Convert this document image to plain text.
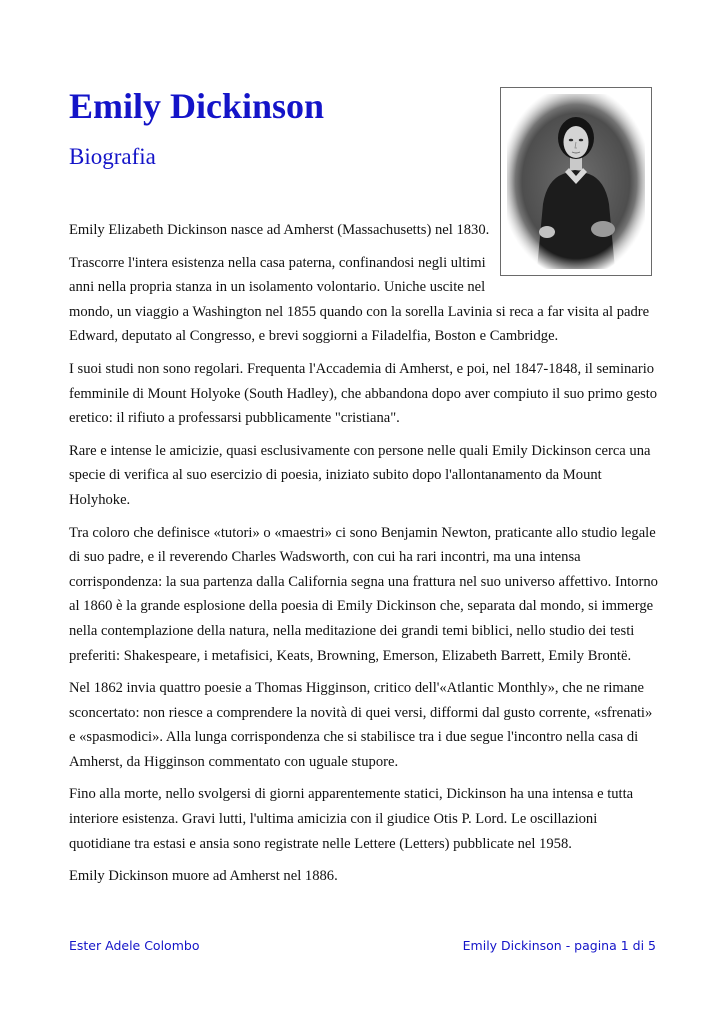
Emily Dickinson
Biografia

Emily Elizabeth Dickinson nasce ad Amherst (Massachusetts) nel 1830.

Trascorre l'intera esistenza nella casa paterna, confinandosi negli ultimi anni nella propria stanza in un isolamento volontario. Uniche uscite nel
mondo, un viaggio a Washington nel 1855 quando con la sorella Lavinia si reca a far visita al padre Edward, deputato al Congresso, e brevi soggiorni a Filadelfia, Boston e Cambridge.

I suoi studi non sono regolari. Frequenta l'Accademia di Amherst, e poi, nel 1847-1848, il seminario femminile di Mount Holyoke (South Hadley), che abbandona dopo aver compiuto il suo primo gesto eretico: il rifiuto a professarsi pubblicamente "cristiana".

Rare e intense le amicizie, quasi esclusivamente con persone nelle quali Emily Dickinson cerca una specie di verifica al suo esercizio di poesia, iniziato subito dopo l'allontanamento da Mount Holyhoke.

Tra coloro che definisce «tutori» o «maestri» ci sono Benjamin Newton, praticante allo studio legale di suo padre, e il reverendo Charles Wadsworth, con cui ha rari incontri, ma una intensa corrispondenza: la sua partenza dalla California segna una frattura nel suo universo affettivo. Intorno al 1860 è la grande esplosione della poesia di Emily Dickinson che, separata dal mondo, si immerge nella contemplazione della natura, nella meditazione dei grandi temi biblici, nello studio dei testi preferiti: Shakespeare, i metafisici, Keats, Browning, Emerson, Elizabeth Barrett, Emily Brontë.

Nel 1862 invia quattro poesie a Thomas Higginson, critico dell'«Atlantic Monthly», che ne rimane sconcertato: non riesce a comprendere la novità di quei versi, difformi dal gusto corrente, «sfrenati» e «spasmodici». Alla lunga corrispondenza che si stabilisce tra i due segue l'incontro nella casa di Amherst, da Higginson commentato con uguale stupore.

Fino alla morte, nello svolgersi di giorni apparentemente statici, Dickinson ha una intensa e tutta interiore esistenza. Gravi lutti, l'ultima amicizia con il giudice Otis P. Lord. Le oscillazioni quotidiane tra estasi e ansia sono registrate nelle Lettere (Letters) pubblicate nel 1958.

Emily Dickinson muore ad Amherst nel 1886.

Ester Adele Colombo	Emily Dickinson - pagina 1 di 5
